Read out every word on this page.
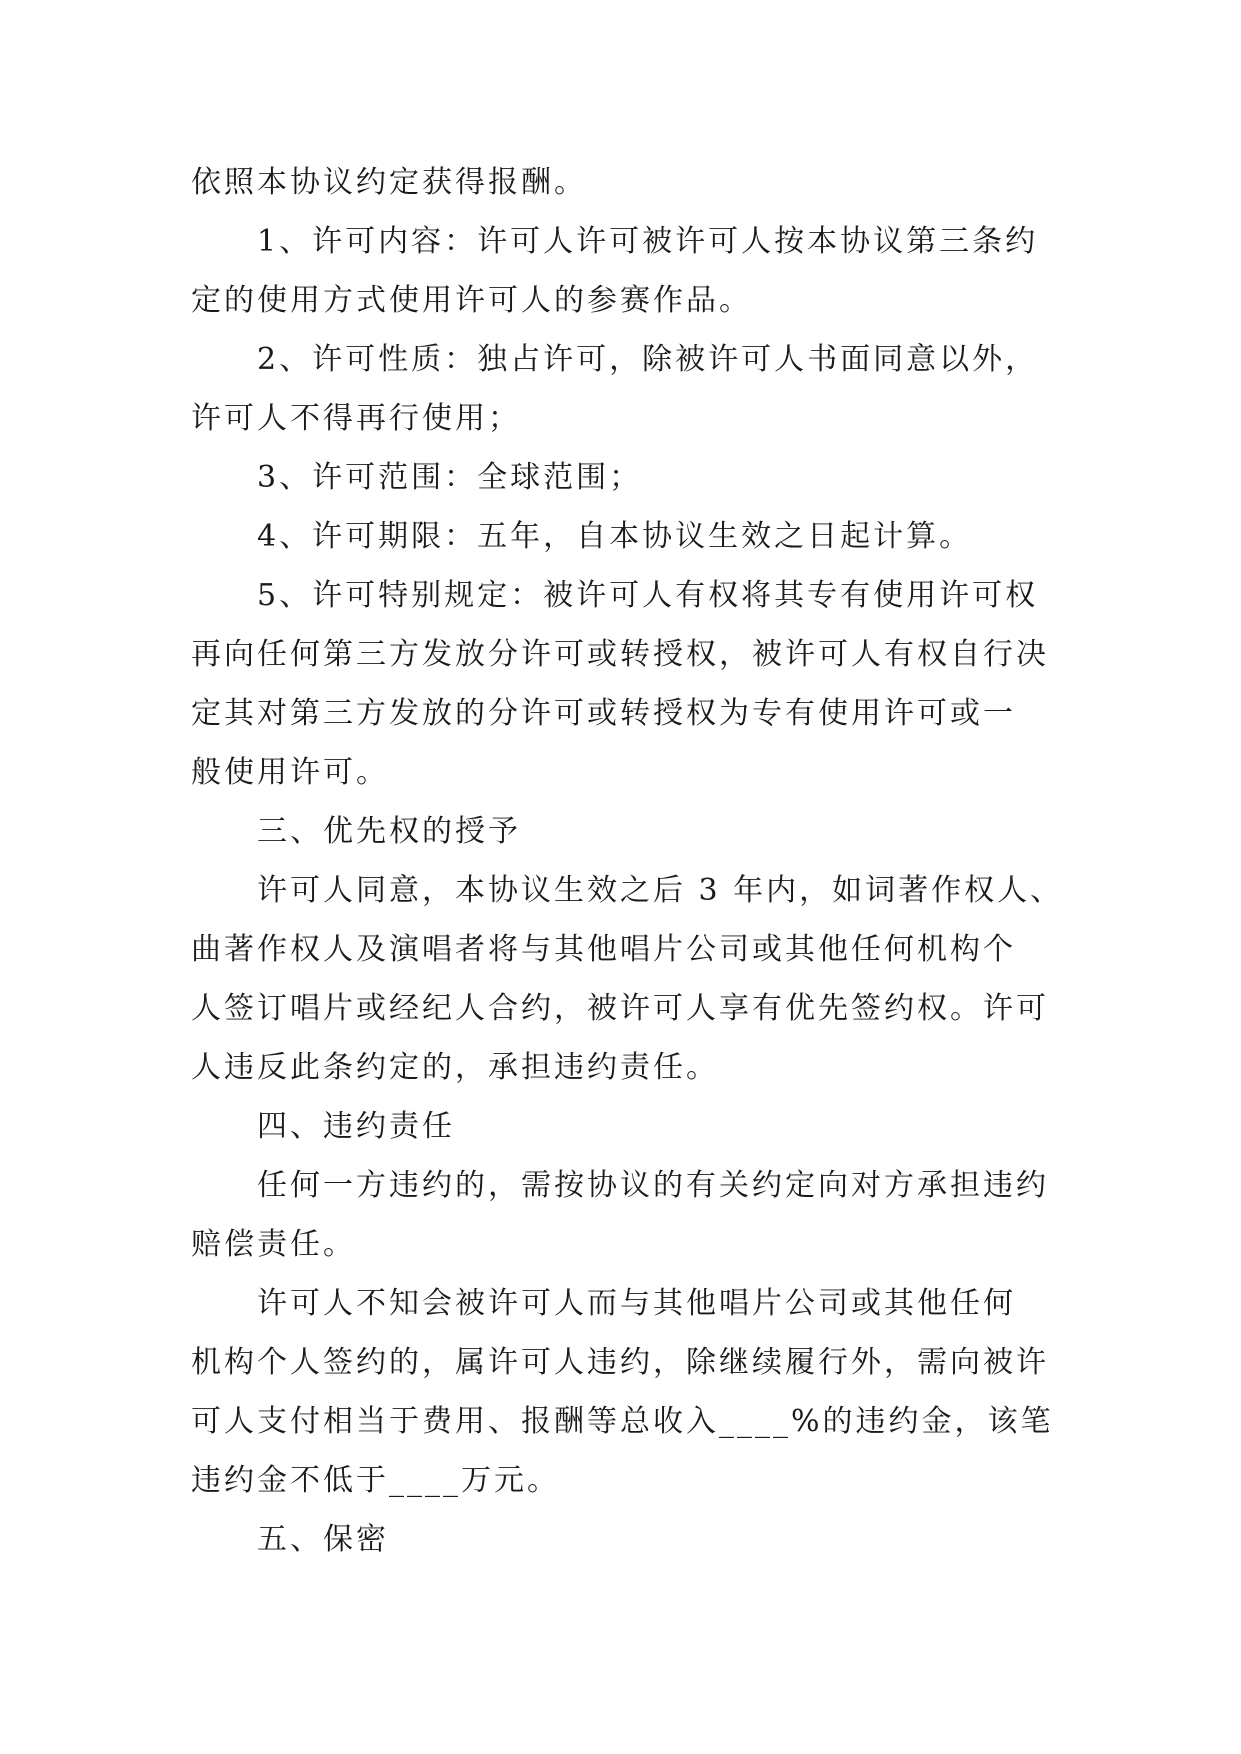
依照本协议约定获得报酬。
1、许可内容：许可人许可被许可人按本协议第三条约
定的使用方式使用许可人的参赛作品。
2、许可性质：独占许可，除被许可人书面同意以外，
许可人不得再行使用；
3、许可范围：全球范围；
4、许可期限：五年，自本协议生效之日起计算。
5、许可特别规定：被许可人有权将其专有使用许可权
再向任何第三方发放分许可或转授权，被许可人有权自行决
定其对第三方发放的分许可或转授权为专有使用许可或一
般使用许可。
三、优先权的授予
许可人同意，本协议生效之后 3 年内，如词著作权人、
曲著作权人及演唱者将与其他唱片公司或其他任何机构个
人签订唱片或经纪人合约，被许可人享有优先签约权。许可
人违反此条约定的，承担违约责任。
四、违约责任
任何一方违约的，需按协议的有关约定向对方承担违约
赔偿责任。
许可人不知会被许可人而与其他唱片公司或其他任何
机构个人签约的，属许可人违约，除继续履行外，需向被许
可人支付相当于费用、报酬等总收入____%的违约金，该笔
违约金不低于____万元。
五、保密
